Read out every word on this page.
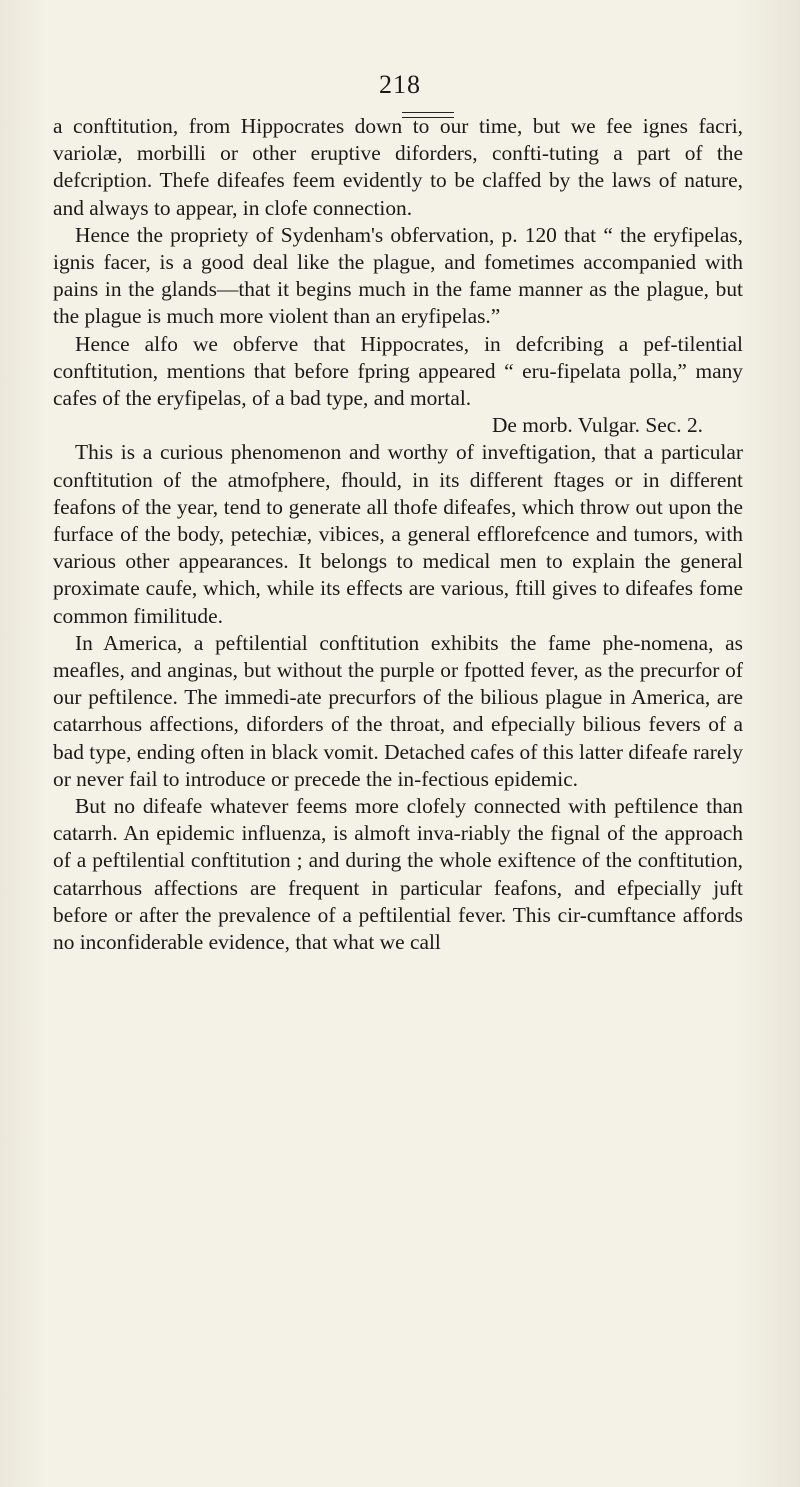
218

a conftitution, from Hippocrates down to our time, but we fee ignes facri, variolæ, morbilli or other eruptive diforders, confti-tuting a part of the defcription. Thefe difeafes feem evidently to be claffed by the laws of nature, and always to appear, in clofe connection.

Hence the propriety of Sydenham's obfervation, p. 120 that “ the eryfipelas, ignis facer, is a good deal like the plague, and fometimes accompanied with pains in the glands—that it begins much in the fame manner as the plague, but the plague is much more violent than an eryfipelas.”

Hence alfo we obferve that Hippocrates, in defcribing a pef-tilential conftitution, mentions that before fpring appeared “ eru-fipelata polla,” many cafes of the eryfipelas, of a bad type, and mortal.

De morb. Vulgar. Sec. 2.

This is a curious phenomenon and worthy of inveftigation, that a particular conftitution of the atmofphere, fhould, in its different ftages or in different feafons of the year, tend to generate all thofe difeafes, which throw out upon the furface of the body, petechiæ, vibices, a general efflorefcence and tumors, with various other appearances. It belongs to medical men to explain the general proximate caufe, which, while its effects are various, ftill gives to difeafes fome common fimilitude.

In America, a peftilential conftitution exhibits the fame phe-nomena, as meafles, and anginas, but without the purple or fpotted fever, as the precurfor of our peftilence. The immedi-ate precurfors of the bilious plague in America, are catarrhous affections, diforders of the throat, and efpecially bilious fevers of a bad type, ending often in black vomit. Detached cafes of this latter difeafe rarely or never fail to introduce or precede the in-fectious epidemic.

But no difeafe whatever feems more clofely connected with peftilence than catarrh. An epidemic influenza, is almoft inva-riably the fignal of the approach of a peftilential conftitution ; and during the whole exiftence of the conftitution, catarrhous affections are frequent in particular feafons, and efpecially juft before or after the prevalence of a peftilential fever. This cir-cumftance affords no inconfiderable evidence, that what we call
